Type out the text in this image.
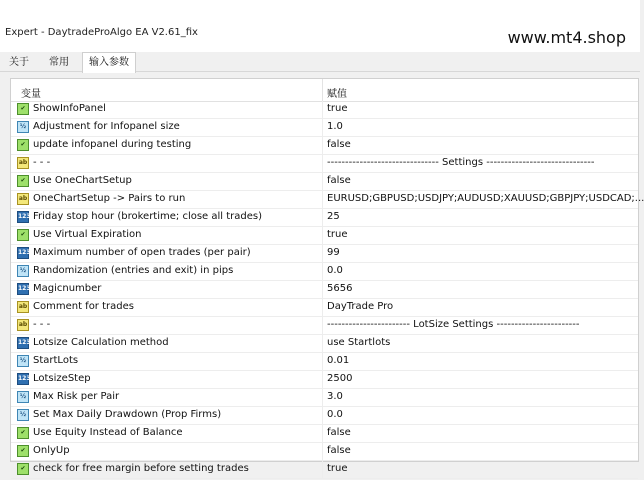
Expert - DaytradeProAlgo EA V2.61_fix	www.mt4.shop
关于	常用	输入参数
变量	赋值
✔ ShowInfoPanel	true
½ Adjustment for Infopanel size	1.0
✔ update infopanel during testing	false
ab - - -	------------------------------- Settings ------------------------------
✔ Use OneChartSetup	false
ab OneChartSetup -> Pairs to run	EURUSD;GBPUSD;USDJPY;AUDUSD;XAUUSD;GBPJPY;USDCAD;...
123 Friday stop hour (brokertime; close all trades)	25
✔ Use Virtual Expiration	true
123 Maximum number of open trades (per pair)	99
½ Randomization (entries and exit) in pips	0.0
123 Magicnumber	5656
ab Comment for trades	DayTrade Pro
ab - - -	----------------------- LotSize Settings -----------------------
123 Lotsize Calculation method	use Startlots
½ StartLots	0.01
123 LotsizeStep	2500
½ Max Risk per Pair	3.0
½ Set Max Daily Drawdown (Prop Firms)	0.0
✔ Use Equity Instead of Balance	false
✔ OnlyUp	false
✔ check for free margin before setting trades	true
